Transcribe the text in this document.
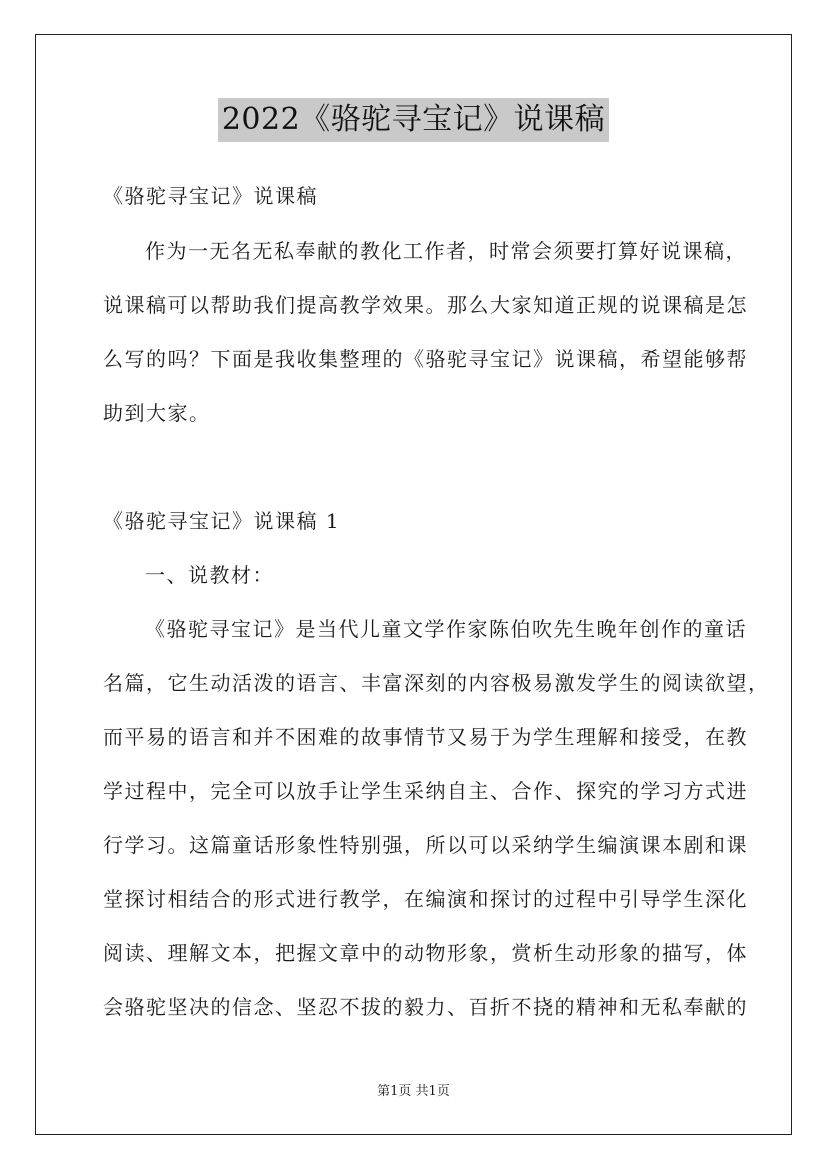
2022《骆驼寻宝记》说课稿
《骆驼寻宝记》说课稿
作为一无名无私奉献的教化工作者，时常会须要打算好说课稿，
说课稿可以帮助我们提高教学效果。那么大家知道正规的说课稿是怎
么写的吗？下面是我收集整理的《骆驼寻宝记》说课稿，希望能够帮
助到大家。
《骆驼寻宝记》说课稿 1
一、说教材：
《骆驼寻宝记》是当代儿童文学作家陈伯吹先生晚年创作的童话
名篇，它生动活泼的语言、丰富深刻的内容极易激发学生的阅读欲望，
而平易的语言和并不困难的故事情节又易于为学生理解和接受，在教
学过程中，完全可以放手让学生采纳自主、合作、探究的学习方式进
行学习。这篇童话形象性特别强，所以可以采纳学生编演课本剧和课
堂探讨相结合的形式进行教学，在编演和探讨的过程中引导学生深化
阅读、理解文本，把握文章中的动物形象，赏析生动形象的描写，体
会骆驼坚决的信念、坚忍不拔的毅力、百折不挠的精神和无私奉献的
第1页 共1页
